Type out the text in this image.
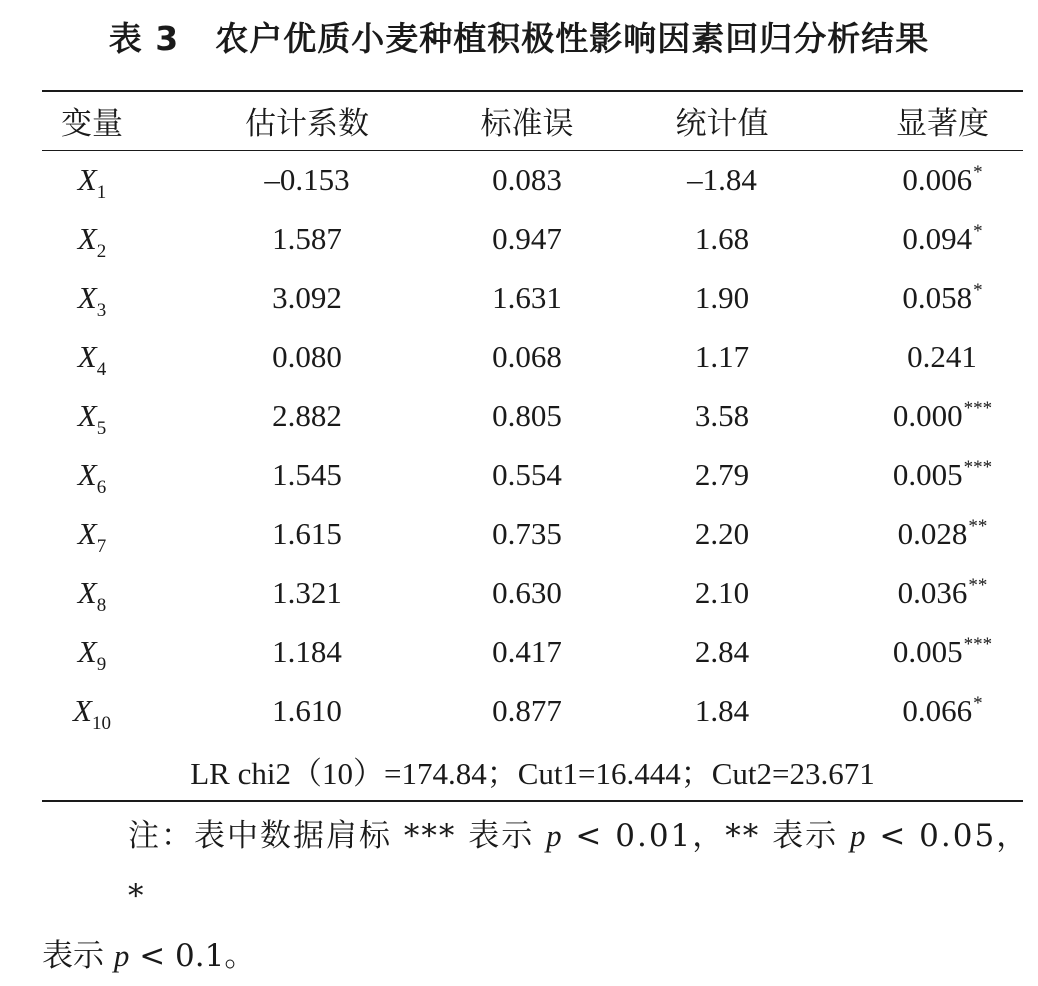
表 3 农户优质小麦种植积极性影响因素回归分析结果
变量	估计系数	标准误	统计值	显著度
$X_1$	–0.153	0.083	–1.84	0.006*
$X_2$	1.587	0.947	1.68	0.094*
$X_3$	3.092	1.631	1.90	0.058*
$X_4$	0.080	0.068	1.17	0.241
$X_5$	2.882	0.805	3.58	0.000***
$X_6$	1.545	0.554	2.79	0.005***
$X_7$	1.615	0.735	2.20	0.028**
$X_8$	1.321	0.630	2.10	0.036**
$X_9$	1.184	0.417	2.84	0.005***
$X_{10}$	1.610	0.877	1.84	0.066*
LR chi2（10）=174.84；Cut1=16.444；Cut2=23.671				
注：表中数据肩标 *** 表示 p < 0.01，** 表示 p < 0.05，*
表示 p < 0.1。
